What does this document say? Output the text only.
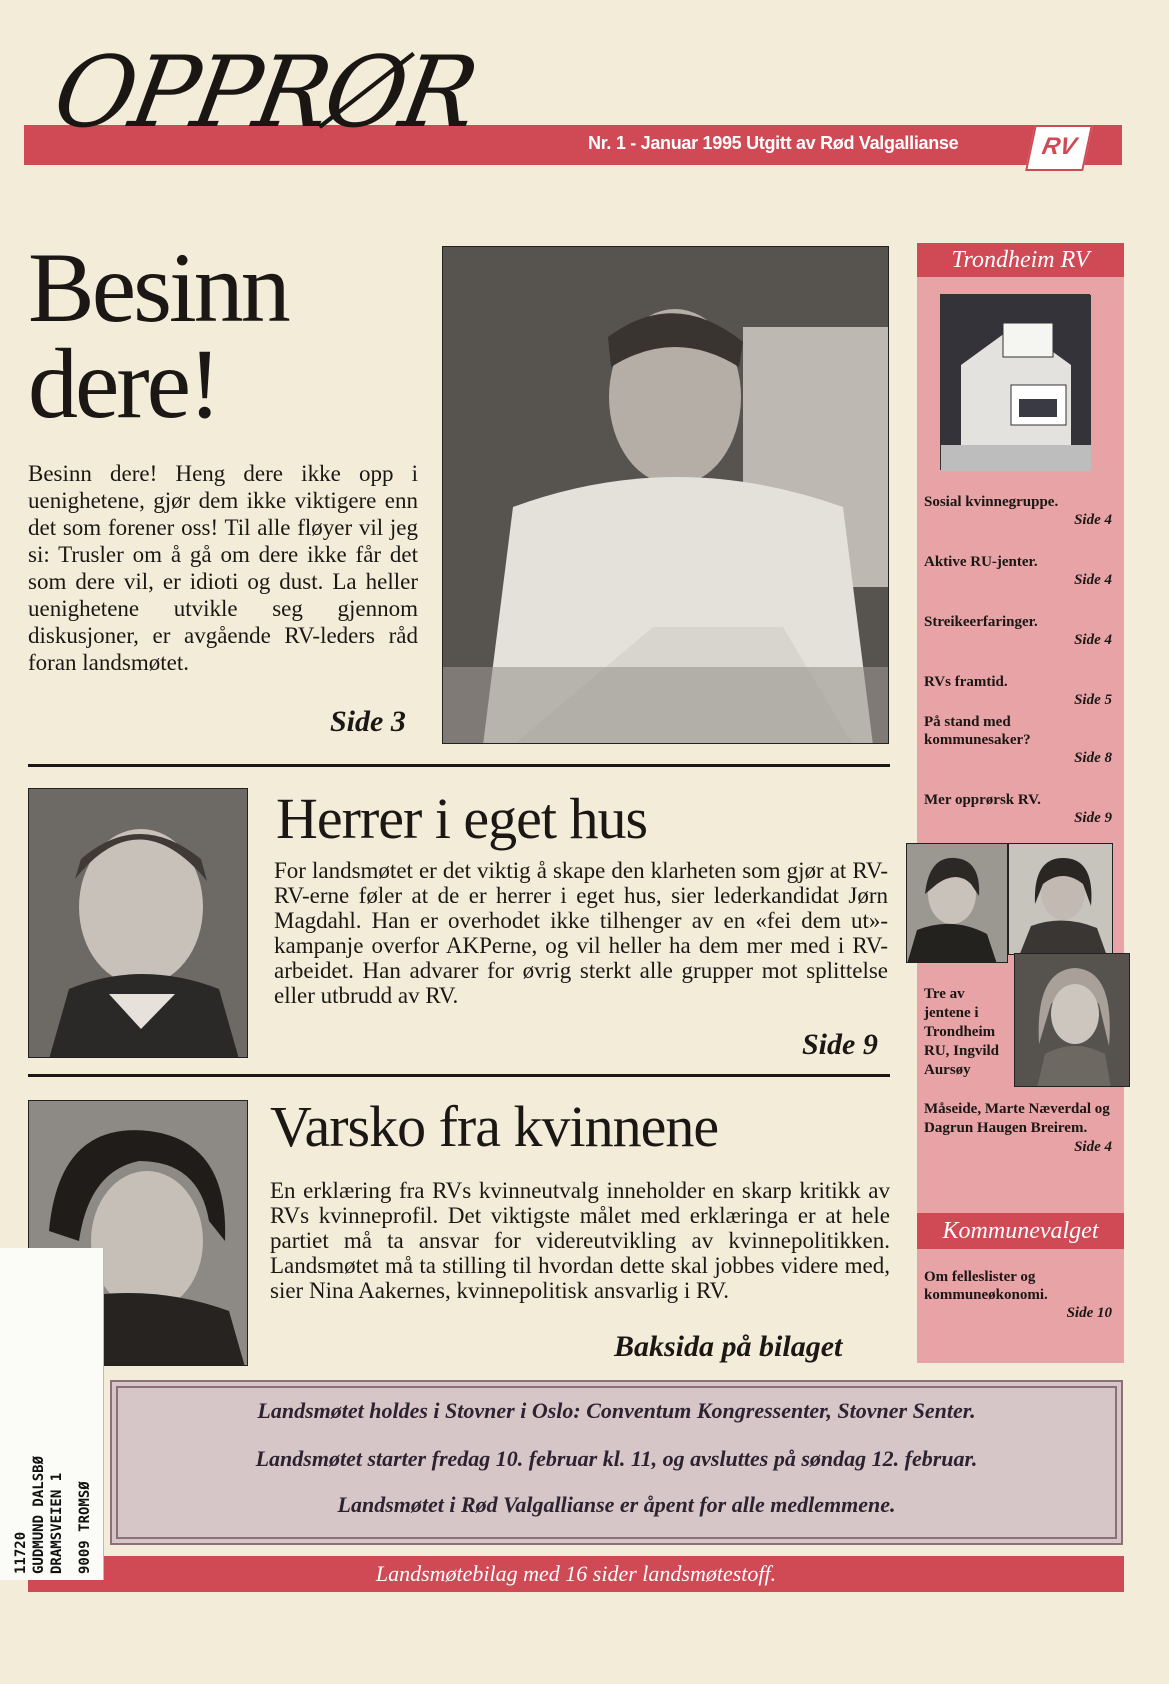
OPPRØR	Nr. 1 - Januar 1995 Utgitt av Rød Valgallianse	RV
Besinn
dere!

Besinn dere! Heng dere ikke opp i uenighetene, gjør dem ikke viktigere enn det som forener oss! Til alle fløyer vil jeg si: Trusler om å gå om dere ikke får det som dere vil, er idioti og dust. La heller uenighetene utvikle seg gjennom diskusjoner, er avgående RV-leders råd foran landsmøtet.

Side 3
Herrer i eget hus

For landsmøtet er det viktig å skape den klarheten som gjør at RV-RV-erne føler at de er herrer i eget hus, sier lederkandidat Jørn Magdahl. Han er overhodet ikke tilhenger av en «fei dem ut»-kampanje overfor AKPerne, og vil heller ha dem mer med i RV-arbeidet. Han advarer for øvrig sterkt alle grupper mot splittelse eller utbrudd av RV.

Side 9
Varsko fra kvinnene

En erklæring fra RVs kvinneutvalg inneholder en skarp kritikk av RVs kvinneprofil. Det viktigste målet med erklæringa er at hele partiet må ta ansvar for videreutvikling av kvinnepolitikken. Landsmøtet må ta stilling til hvordan dette skal jobbes videre med, sier Nina Aakernes, kvinnepolitisk ansvarlig i RV.

Baksida på bilaget
Trondheim RV
Sosial kvinnegruppe.
Side 4
Aktive RU-jenter.
Side 4
Streikeerfaringer.
Side 4
RVs framtid.
Side 5
På stand med kommunesaker?
Side 8
Mer opprørsk RV.
Side 9
Tre av jentene i Trondheim RU, Ingvild Aursøy
Måseide, Marte Næverdal og Dagrun Haugen Breirem.
Side 4
Kommunevalget
Om felleslister og kommuneøkonomi.
Side 10
Landsmøtet holdes i Stovner i Oslo: Conventum Kongressenter, Stovner Senter.
Landsmøtet starter fredag 10. februar kl. 11, og avsluttes på søndag 12. februar.
Landsmøtet i Rød Valgallianse er åpent for alle medlemmene.
Landsmøtebilag med 16 sider landsmøtestoff.
11720 GUDMUND DALSBØ DRAMSVEIEN 1 9009 TROMSØ
